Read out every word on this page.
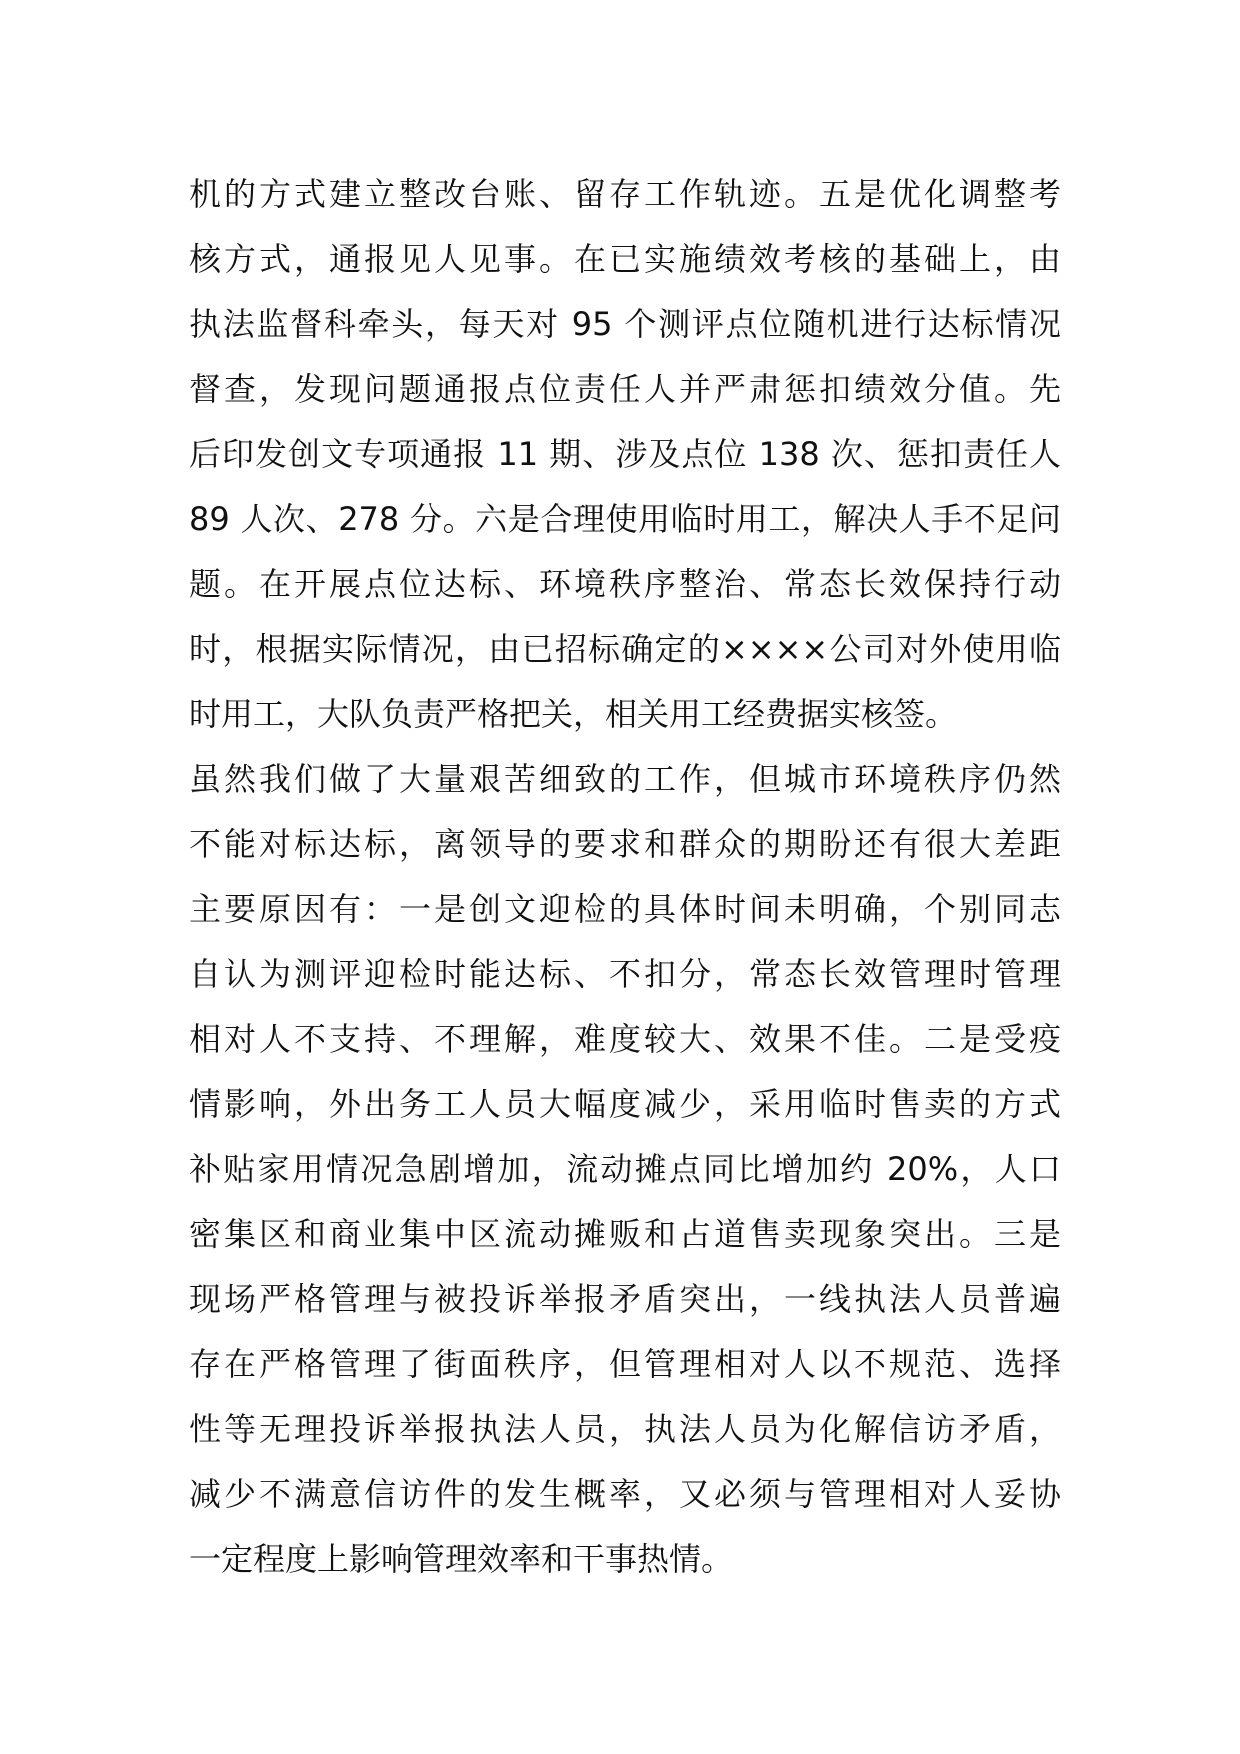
机的方式建立整改台账、留存工作轨迹。五是优化调整考
核方式，通报见人见事。在已实施绩效考核的基础上，由
执法监督科牵头，每天对 95 个测评点位随机进行达标情况
督查，发现问题通报点位责任人并严肃惩扣绩效分值。先
后印发创文专项通报 11 期、涉及点位 138 次、惩扣责任人
89 人次、278 分。六是合理使用临时用工，解决人手不足问
题。在开展点位达标、环境秩序整治、常态长效保持行动
时，根据实际情况，由已招标确定的××××公司对外使用临
时用工，大队负责严格把关，相关用工经费据实核签。
虽然我们做了大量艰苦细致的工作，但城市环境秩序仍然
不能对标达标，离领导的要求和群众的期盼还有很大差距
主要原因有：一是创文迎检的具体时间未明确，个别同志
自认为测评迎检时能达标、不扣分，常态长效管理时管理
相对人不支持、不理解，难度较大、效果不佳。二是受疫
情影响，外出务工人员大幅度减少，采用临时售卖的方式
补贴家用情况急剧增加，流动摊点同比增加约 20%，人口
密集区和商业集中区流动摊贩和占道售卖现象突出。三是
现场严格管理与被投诉举报矛盾突出，一线执法人员普遍
存在严格管理了街面秩序，但管理相对人以不规范、选择
性等无理投诉举报执法人员，执法人员为化解信访矛盾，
减少不满意信访件的发生概率，又必须与管理相对人妥协
一定程度上影响管理效率和干事热情。
